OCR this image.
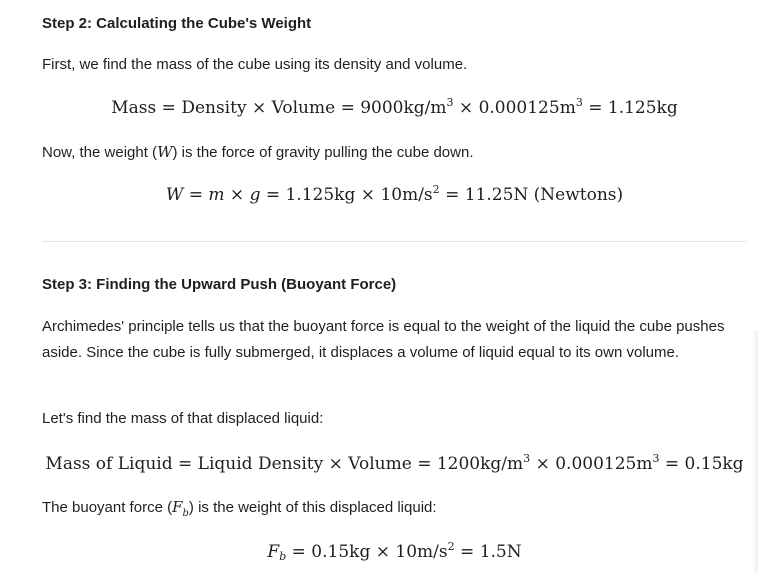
Step 2: Calculating the Cube's Weight
First, we find the mass of the cube using its density and volume.
Mass = Density × Volume = $9000kg/m^3 \times 0.000125m^3 = 1.125kg$
Now, the weight (W) is the force of gravity pulling the cube down.
$W = m \times g = 1.125kg \times 10m/s^2 = 11.25N$ (Newtons)
Step 3: Finding the Upward Push (Buoyant Force)
Archimedes' principle tells us that the buoyant force is equal to the weight of the liquid the cube pushes aside. Since the cube is fully submerged, it displaces a volume of liquid equal to its own volume.
Let's find the mass of that displaced liquid:
Mass of Liquid = Liquid Density × Volume = $1200kg/m^3 \times 0.000125m^3 = 0.15kg$
The buoyant force $(F_b)$ is the weight of this displaced liquid:
$F_b = 0.15kg \times 10m/s^2 = 1.5N$
